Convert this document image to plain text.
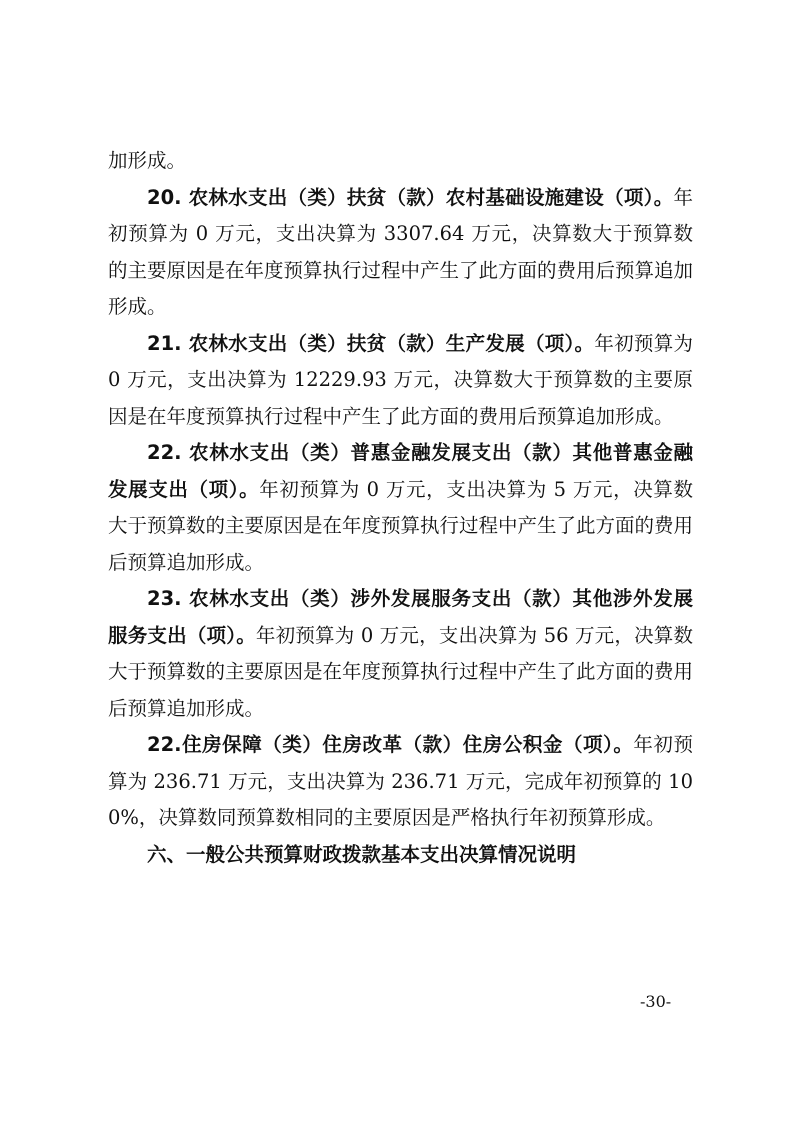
加形成。

20. 农林水支出（类）扶贫（款）农村基础设施建设（项）。年初预算为 0 万元，支出决算为 3307.64 万元，决算数大于预算数的主要原因是在年度预算执行过程中产生了此方面的费用后预算追加形成。

21. 农林水支出（类）扶贫（款）生产发展（项）。年初预算为 0 万元，支出决算为 12229.93 万元，决算数大于预算数的主要原因是在年度预算执行过程中产生了此方面的费用后预算追加形成。

22. 农林水支出（类）普惠金融发展支出（款）其他普惠金融发展支出（项）。年初预算为 0 万元，支出决算为 5 万元，决算数大于预算数的主要原因是在年度预算执行过程中产生了此方面的费用后预算追加形成。

23. 农林水支出（类）涉外发展服务支出（款）其他涉外发展服务支出（项）。年初预算为 0 万元，支出决算为 56 万元，决算数大于预算数的主要原因是在年度预算执行过程中产生了此方面的费用后预算追加形成。

22.住房保障（类）住房改革（款）住房公积金（项）。年初预算为 236.71 万元，支出决算为 236.71 万元，完成年初预算的 100%，决算数同预算数相同的主要原因是严格执行年初预算形成。

六、一般公共预算财政拨款基本支出决算情况说明

-30-
